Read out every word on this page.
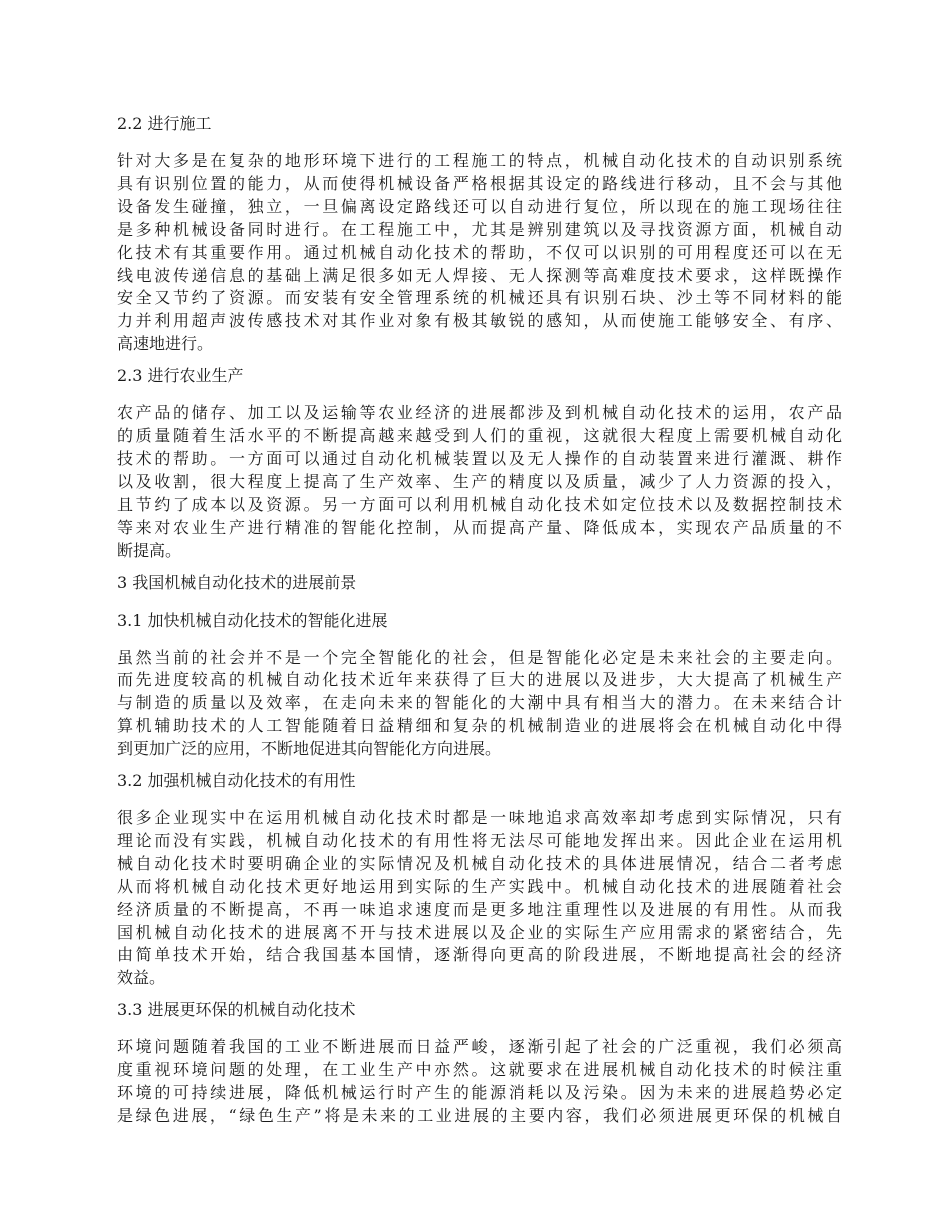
2.2 进行施工
针对大多是在复杂的地形环境下进行的工程施工的特点，机械自动化技术的自动识别系统
具有识别位置的能力，从而使得机械设备严格根据其设定的路线进行移动，且不会与其他
设备发生碰撞，独立，一旦偏离设定路线还可以自动进行复位，所以现在的施工现场往往
是多种机械设备同时进行。在工程施工中，尤其是辨别建筑以及寻找资源方面，机械自动
化技术有其重要作用。通过机械自动化技术的帮助，不仅可以识别的可用程度还可以在无
线电波传递信息的基础上满足很多如无人焊接、无人探测等高难度技术要求，这样既操作
安全又节约了资源。而安装有安全管理系统的机械还具有识别石块、沙土等不同材料的能
力并利用超声波传感技术对其作业对象有极其敏锐的感知，从而使施工能够安全、有序、
高速地进行。
2.3 进行农业生产
农产品的储存、加工以及运输等农业经济的进展都涉及到机械自动化技术的运用，农产品
的质量随着生活水平的不断提高越来越受到人们的重视，这就很大程度上需要机械自动化
技术的帮助。一方面可以通过自动化机械装置以及无人操作的自动装置来进行灌溉、耕作
以及收割，很大程度上提高了生产效率、生产的精度以及质量，减少了人力资源的投入，
且节约了成本以及资源。另一方面可以利用机械自动化技术如定位技术以及数据控制技术
等来对农业生产进行精准的智能化控制，从而提高产量、降低成本，实现农产品质量的不
断提高。
3 我国机械自动化技术的进展前景
3.1 加快机械自动化技术的智能化进展
虽然当前的社会并不是一个完全智能化的社会，但是智能化必定是未来社会的主要走向。
而先进度较高的机械自动化技术近年来获得了巨大的进展以及进步，大大提高了机械生产
与制造的质量以及效率，在走向未来的智能化的大潮中具有相当大的潜力。在未来结合计
算机辅助技术的人工智能随着日益精细和复杂的机械制造业的进展将会在机械自动化中得
到更加广泛的应用，不断地促进其向智能化方向进展。
3.2 加强机械自动化技术的有用性
很多企业现实中在运用机械自动化技术时都是一味地追求高效率却考虑到实际情况，只有
理论而没有实践，机械自动化技术的有用性将无法尽可能地发挥出来。因此企业在运用机
械自动化技术时要明确企业的实际情况及机械自动化技术的具体进展情况，结合二者考虑
从而将机械自动化技术更好地运用到实际的生产实践中。机械自动化技术的进展随着社会
经济质量的不断提高，不再一味追求速度而是更多地注重理性以及进展的有用性。从而我
国机械自动化技术的进展离不开与技术进展以及企业的实际生产应用需求的紧密结合，先
由简单技术开始，结合我国基本国情，逐渐得向更高的阶段进展，不断地提高社会的经济
效益。
3.3 进展更环保的机械自动化技术
环境问题随着我国的工业不断进展而日益严峻，逐渐引起了社会的广泛重视，我们必须高
度重视环境问题的处理，在工业生产中亦然。这就要求在进展机械自动化技术的时候注重
环境的可持续进展，降低机械运行时产生的能源消耗以及污染。因为未来的进展趋势必定
是绿色进展，“绿色生产”将是未来的工业进展的主要内容，我们必须进展更环保的机械自
